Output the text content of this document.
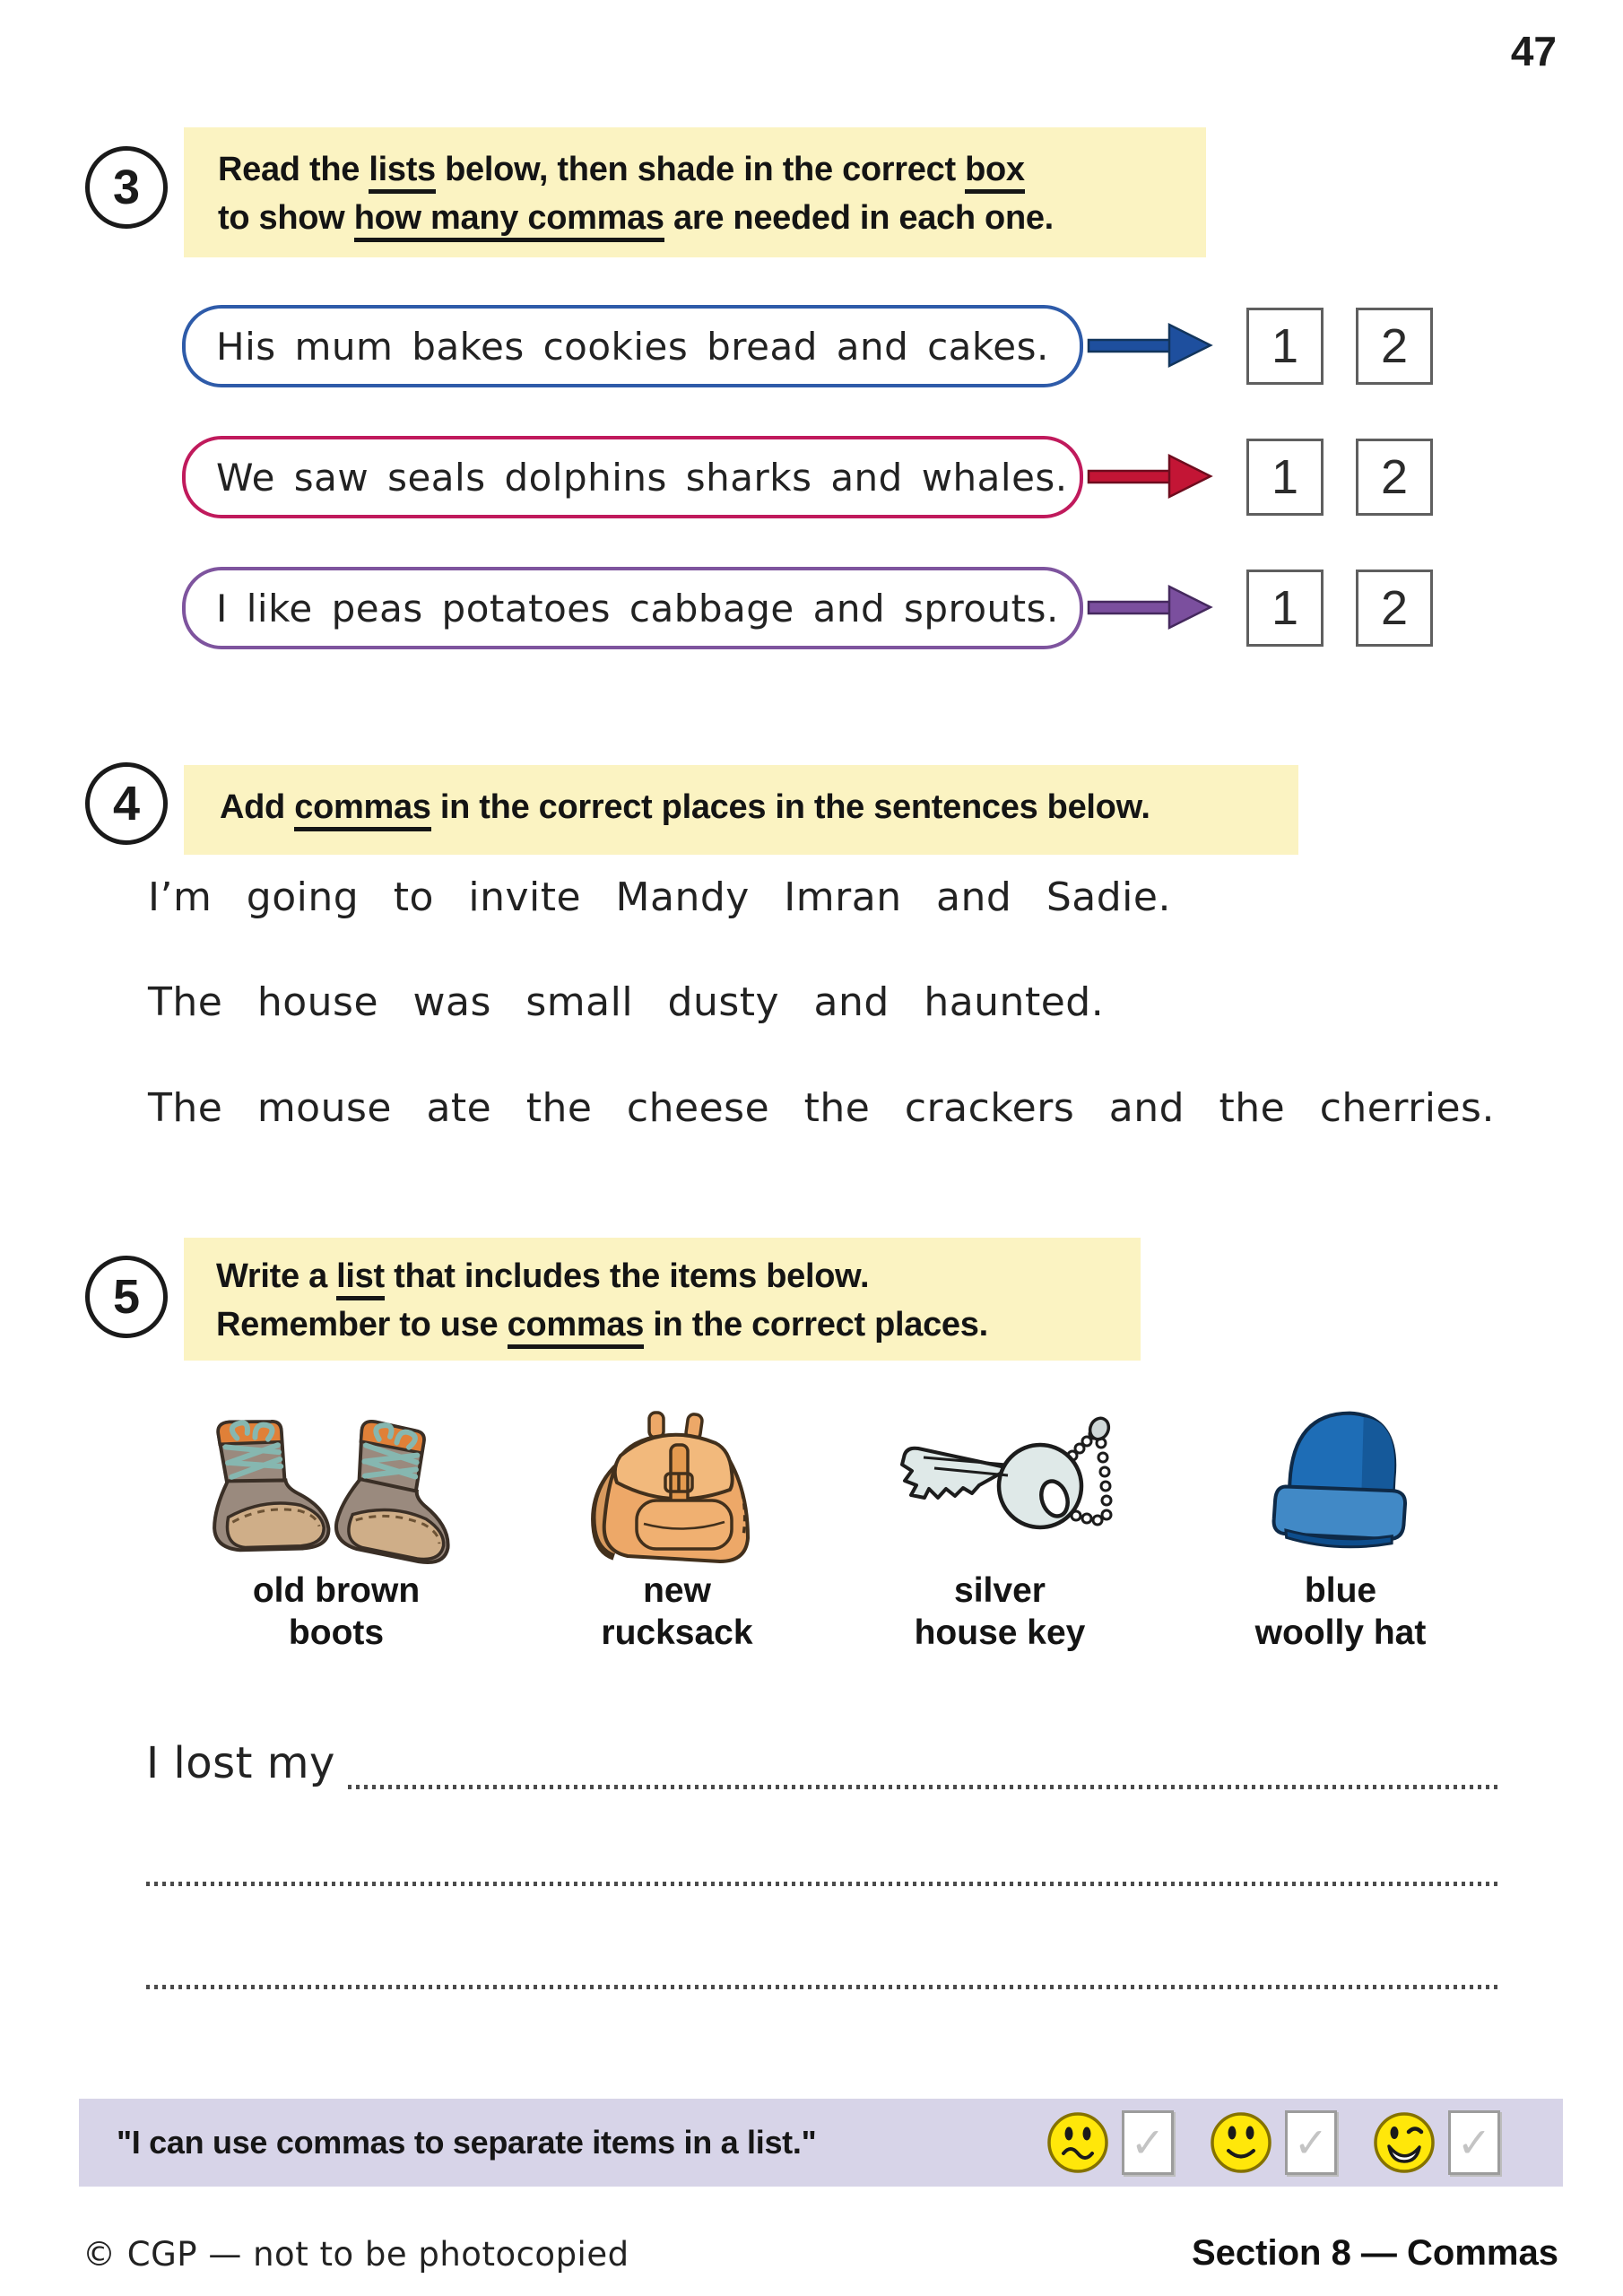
47
3 Read the lists below, then shade in the correct box
to show how many commas are needed in each one.
His mum bakes cookies bread and cakes.	1 2
We saw seals dolphins sharks and whales.	1 2
I like peas potatoes cabbage and sprouts.	1 2
4 Add commas in the correct places in the sentences below.
I’m going to invite Mandy Imran and Sadie.
The house was small dusty and haunted.
The mouse ate the cheese the crackers and the cherries.
5 Write a list that includes the items below.
Remember to use commas in the correct places.
old brown
boots
new
rucksack
silver
house key
blue
woolly hat
I lost my
"I can use commas to separate items in a list."	✓	✓	✓
© CGP — not to be photocopied	Section 8 — Commas
